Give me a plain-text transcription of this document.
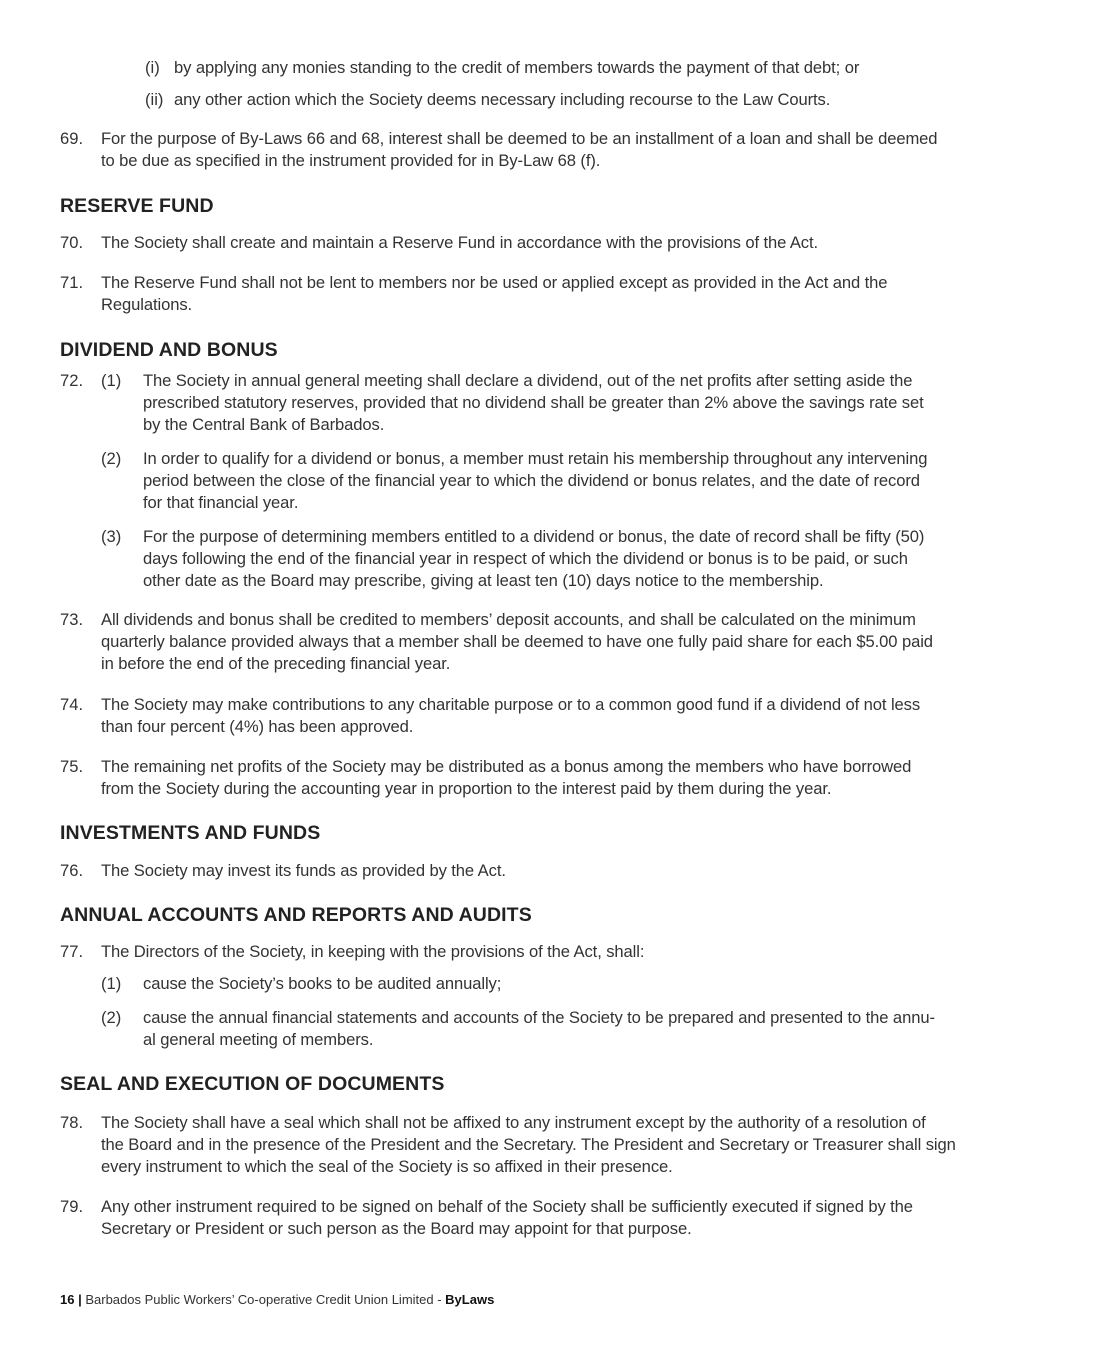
(i) by applying any monies standing to the credit of members towards the payment of that debt; or
(ii) any other action which the Society deems necessary including recourse to the Law Courts.
69. For the purpose of By-Laws 66 and 68, interest shall be deemed to be an installment of a loan and shall be deemed
to be due as specified in the instrument provided for in By-Law 68 (f).
RESERVE FUND
70. The Society shall create and maintain a Reserve Fund in accordance with the provisions of the Act.
71. The Reserve Fund shall not be lent to members nor be used or applied except as provided in the Act and the
Regulations.
DIVIDEND AND BONUS
72. (1) The Society in annual general meeting shall declare a dividend, out of the net profits after setting aside the
prescribed statutory reserves, provided that no dividend shall be greater than 2% above the savings rate set
by the Central Bank of Barbados.
(2) In order to qualify for a dividend or bonus, a member must retain his membership throughout any intervening
period between the close of the financial year to which the dividend or bonus relates, and the date of record
for that financial year.
(3) For the purpose of determining members entitled to a dividend or bonus, the date of record shall be fifty (50)
days following the end of the financial year in respect of which the dividend or bonus is to be paid, or such
other date as the Board may prescribe, giving at least ten (10) days notice to the membership.
73. All dividends and bonus shall be credited to members’ deposit accounts, and shall be calculated on the minimum
quarterly balance provided always that a member shall be deemed to have one fully paid share for each $5.00 paid
in before the end of the preceding financial year.
74. The Society may make contributions to any charitable purpose or to a common good fund if a dividend of not less
than four percent (4%) has been approved.
75. The remaining net profits of the Society may be distributed as a bonus among the members who have borrowed
from the Society during the accounting year in proportion to the interest paid by them during the year.
INVESTMENTS AND FUNDS
76. The Society may invest its funds as provided by the Act.
ANNUAL ACCOUNTS AND REPORTS AND AUDITS
77. The Directors of the Society, in keeping with the provisions of the Act, shall:
(1) cause the Society’s books to be audited annually;
(2) cause the annual financial statements and accounts of the Society to be prepared and presented to the annu-
al general meeting of members.
SEAL AND EXECUTION OF DOCUMENTS
78. The Society shall have a seal which shall not be affixed to any instrument except by the authority of a resolution of
the Board and in the presence of the President and the Secretary. The President and Secretary or Treasurer shall sign
every instrument to which the seal of the Society is so affixed in their presence.
79. Any other instrument required to be signed on behalf of the Society shall be sufficiently executed if signed by the
Secretary or President or such person as the Board may appoint for that purpose.
16 | Barbados Public Workers’ Co-operative Credit Union Limited - ByLaws
